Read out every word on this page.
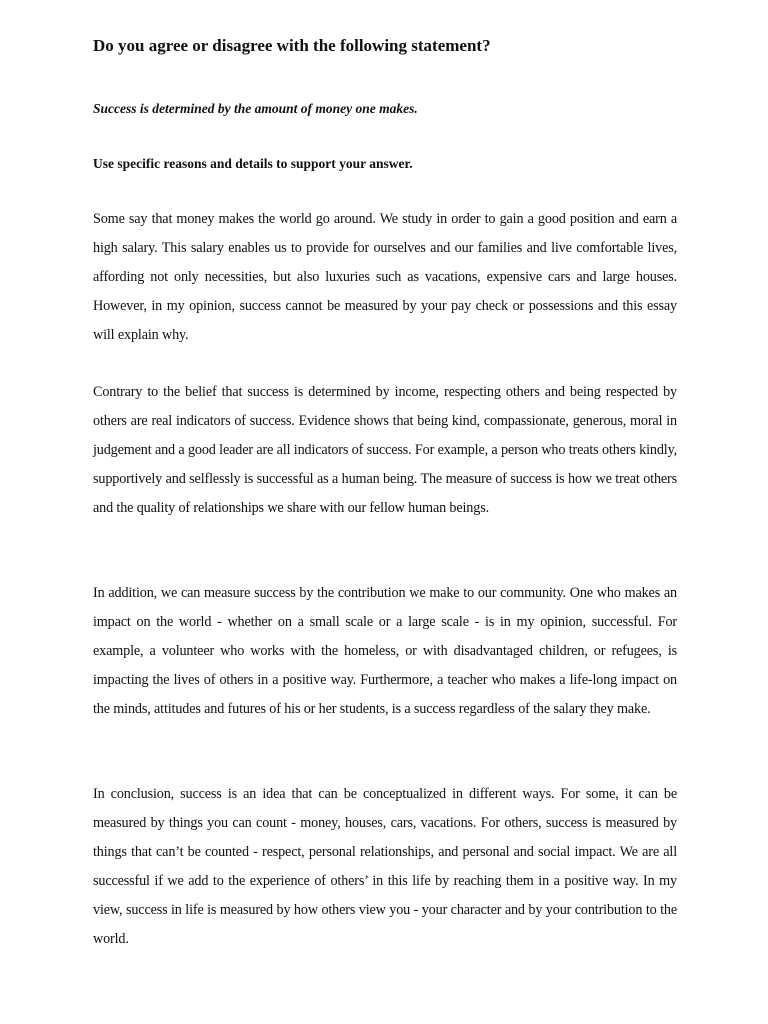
Do you agree or disagree with the following statement?
Success is determined by the amount of money one makes.
Use specific reasons and details to support your answer.

Some say that money makes the world go around. We study in order to gain a good position and earn a high salary. This salary enables us to provide for ourselves and our families and live comfortable lives, affording not only necessities, but also luxuries such as vacations, expensive cars and large houses. However, in my opinion, success cannot be measured by your pay check or possessions and this essay will explain why.

Contrary to the belief that success is determined by income, respecting others and being respected by others are real indicators of success. Evidence shows that being kind, compassionate, generous, moral in judgement and a good leader are all indicators of success. For example, a person who treats others kindly, supportively and selflessly is successful as a human being. The measure of success is how we treat others and the quality of relationships we share with our fellow human beings.

In addition, we can measure success by the contribution we make to our community. One who makes an impact on the world - whether on a small scale or a large scale - is in my opinion, successful. For example, a volunteer who works with the homeless, or with disadvantaged children, or refugees, is impacting the lives of others in a positive way. Furthermore, a teacher who makes a life-long impact on the minds, attitudes and futures of his or her students, is a success regardless of the salary they make.

In conclusion, success is an idea that can be conceptualized in different ways. For some, it can be measured by things you can count - money, houses, cars, vacations. For others, success is measured by things that can’t be counted - respect, personal relationships, and personal and social impact. We are all successful if we add to the experience of others’ in this life by reaching them in a positive way. In my view, success in life is measured by how others view you - your character and by your contribution to the world.
